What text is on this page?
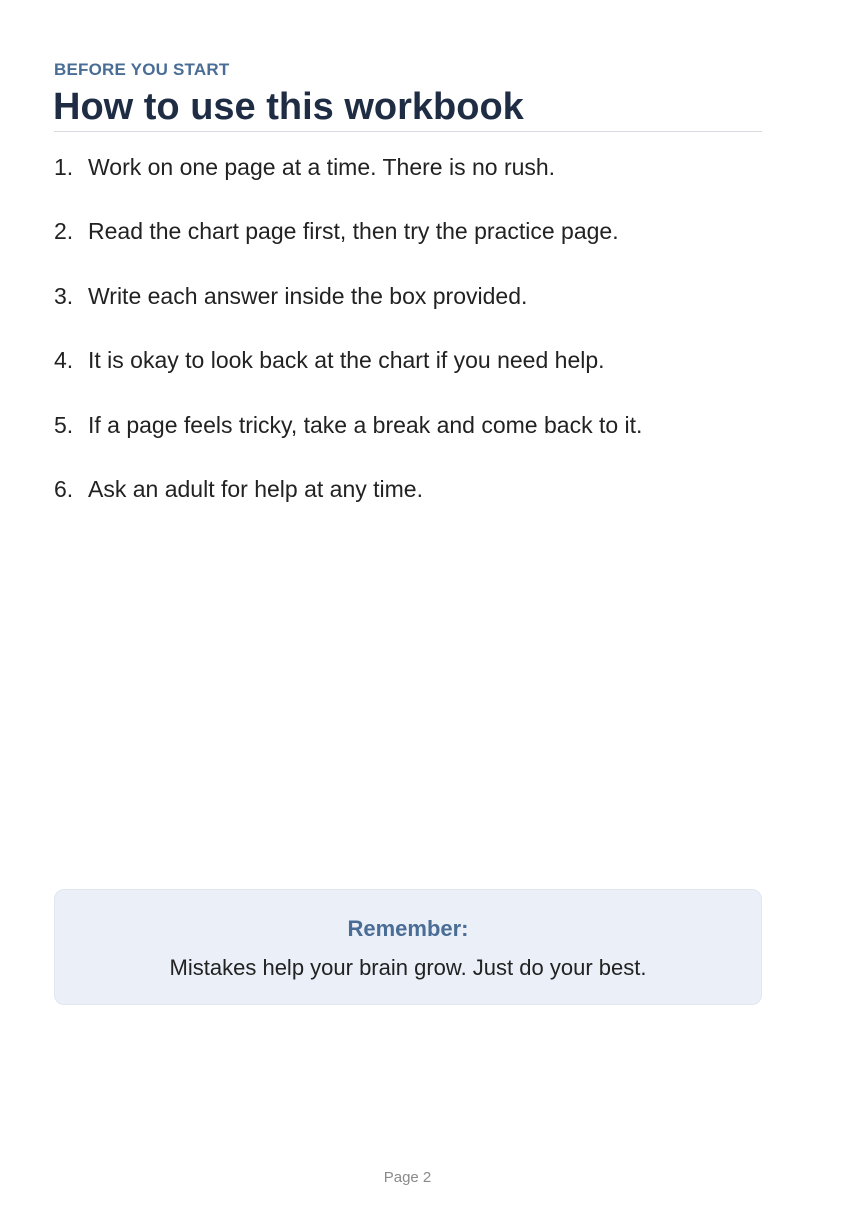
BEFORE YOU START
How to use this workbook
1. Work on one page at a time. There is no rush.
2. Read the chart page first, then try the practice page.
3. Write each answer inside the box provided.
4. It is okay to look back at the chart if you need help.
5. If a page feels tricky, take a break and come back to it.
6. Ask an adult for help at any time.
Remember:
Mistakes help your brain grow. Just do your best.
Page 2
